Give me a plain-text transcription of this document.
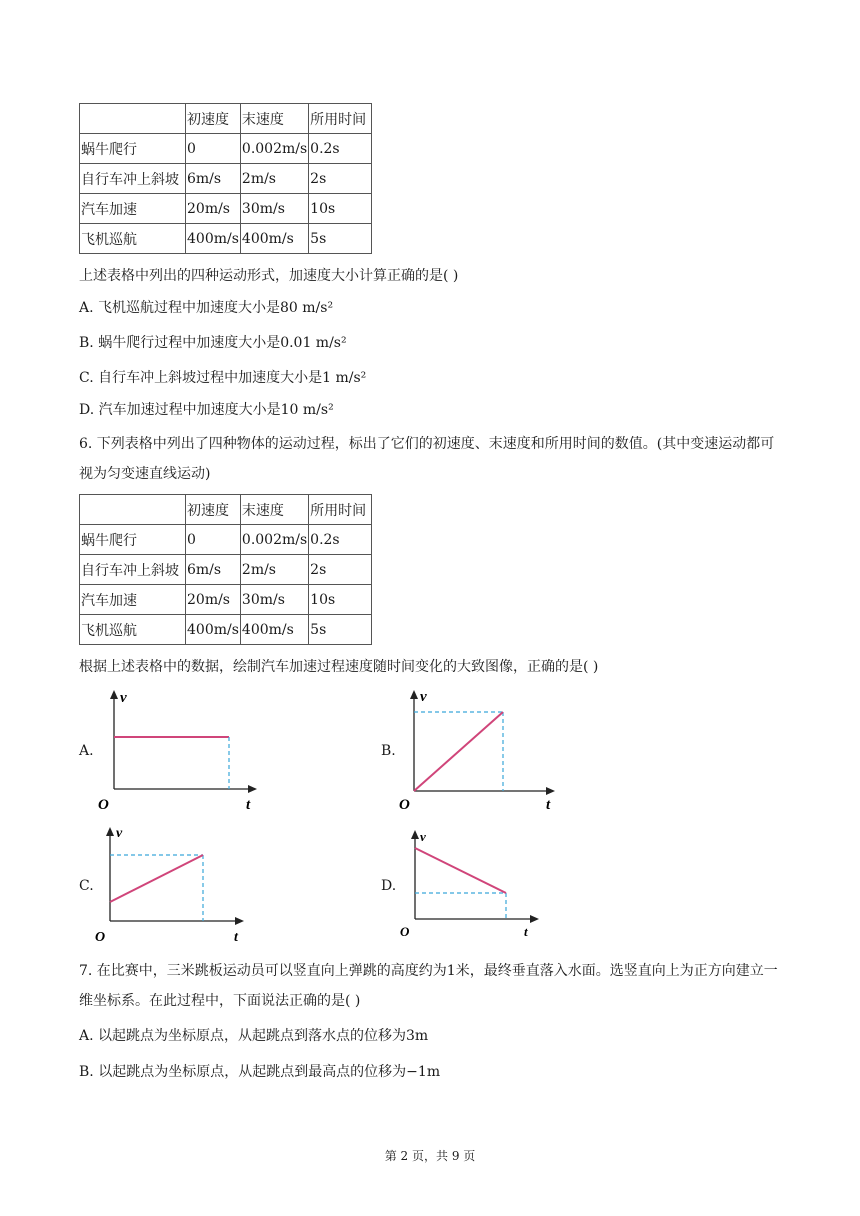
	初速度	末速度	所用时间
蜗牛爬行	0	0.002m/s	0.2s
自行车冲上斜坡	6m/s	2m/s	2s
汽车加速	20m/s	30m/s	10s
飞机巡航	400m/s	400m/s	5s
上述表格中列出的四种运动形式，加速度大小计算正确的是( )
A. 飞机巡航过程中加速度大小是80 m/s²
B. 蜗牛爬行过程中加速度大小是0.01 m/s²
C. 自行车冲上斜坡过程中加速度大小是1 m/s²
D. 汽车加速过程中加速度大小是10 m/s²
6. 下列表格中列出了四种物体的运动过程，标出了它们的初速度、末速度和所用时间的数值。(其中变速运动都可视为匀变速直线运动)
	初速度	末速度	所用时间
蜗牛爬行	0	0.002m/s	0.2s
自行车冲上斜坡	6m/s	2m/s	2s
汽车加速	20m/s	30m/s	10s
飞机巡航	400m/s	400m/s	5s
根据上述表格中的数据，绘制汽车加速过程速度随时间变化的大致图像，正确的是( )
A.
v
t
O
B.
v
t
O
C.
v
t
O
D.
v
t
O
7. 在比赛中，三米跳板运动员可以竖直向上弹跳的高度约为1米，最终垂直落入水面。选竖直向上为正方向建立一维坐标系。在此过程中，下面说法正确的是( )
A. 以起跳点为坐标原点，从起跳点到落水点的位移为3m
B. 以起跳点为坐标原点，从起跳点到最高点的位移为−1m
第 2 页，共 9 页
